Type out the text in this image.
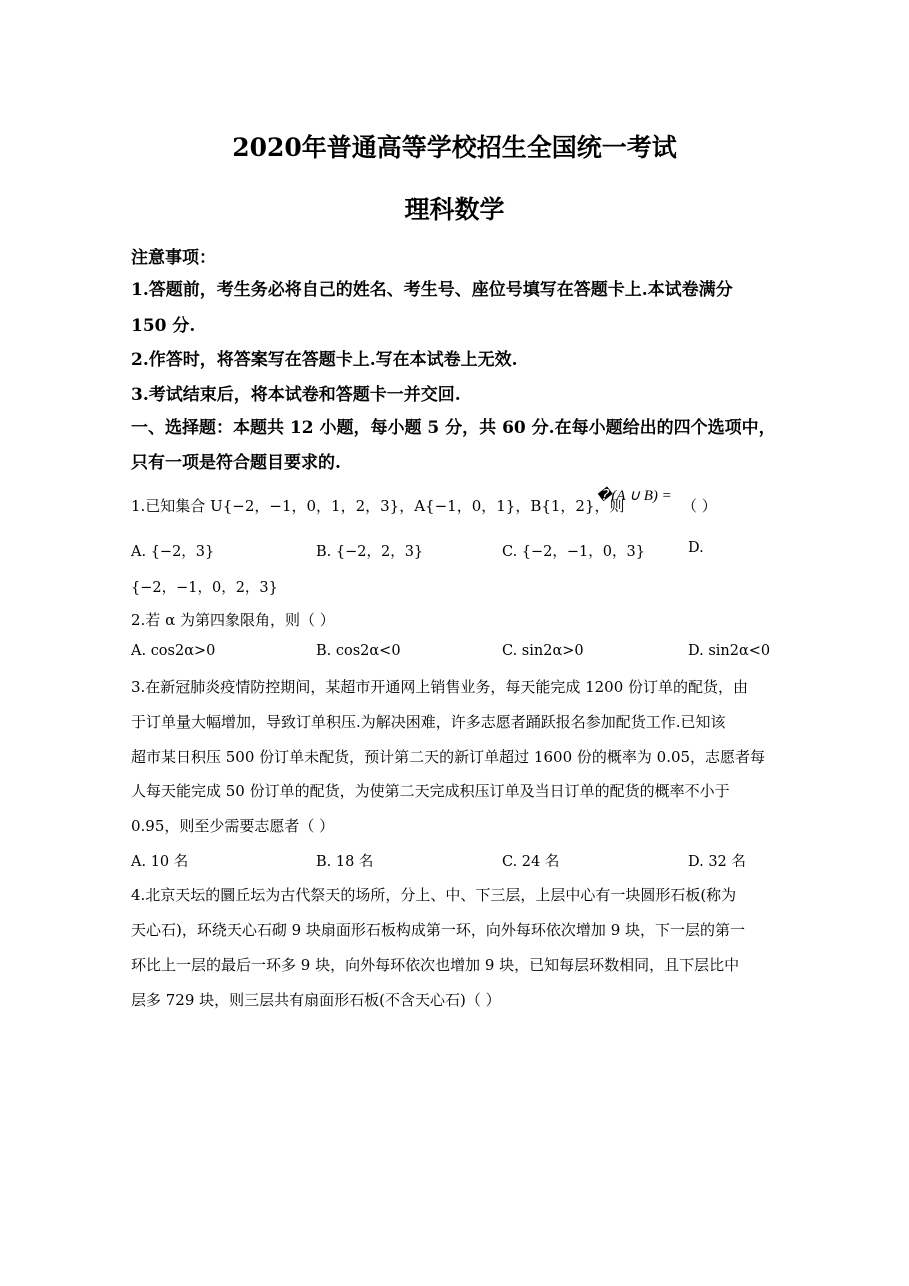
2020年普通高等学校招生全国统一考试
理科数学
注意事项：
1.答题前，考生务必将自己的姓名、考生号、座位号填写在答题卡上.本试卷满分
150 分.
2.作答时，将答案写在答题卡上.写在本试卷上无效.
3.考试结束后，将本试卷和答题卡一并交回.
一、选择题：本题共 12 小题，每小题 5 分，共 60 分.在每小题给出的四个选项中，
只有一项是符合题目要求的.
1.已知集合 U{−2，−1，0，1，2，3}，A{−1，0，1}，B{1，2}，则
�(A ∪ B) =
（ ）
A. {−2，3}	B. {−2，2，3}	C. {−2，−1，0，3}	D.
{−2，−1，0，2，3}
2.若 α 为第四象限角，则（ ）
A. cos2α>0	B. cos2α<0	C. sin2α>0	D. sin2α<0
3.在新冠肺炎疫情防控期间，某超市开通网上销售业务，每天能完成 1200 份订单的配货，由
于订单量大幅增加，导致订单积压.为解决困难，许多志愿者踊跃报名参加配货工作.已知该
超市某日积压 500 份订单未配货，预计第二天的新订单超过 1600 份的概率为 0.05，志愿者每
人每天能完成 50 份订单的配货，为使第二天完成积压订单及当日订单的配货的概率不小于
0.95，则至少需要志愿者（ ）
A. 10 名	B. 18 名	C. 24 名	D. 32 名
4.北京天坛的圜丘坛为古代祭天的场所，分上、中、下三层，上层中心有一块圆形石板(称为
天心石)，环绕天心石砌 9 块扇面形石板构成第一环，向外每环依次增加 9 块，下一层的第一
环比上一层的最后一环多 9 块，向外每环依次也增加 9 块，已知每层环数相同，且下层比中
层多 729 块，则三层共有扇面形石板(不含天心石)（ ）
